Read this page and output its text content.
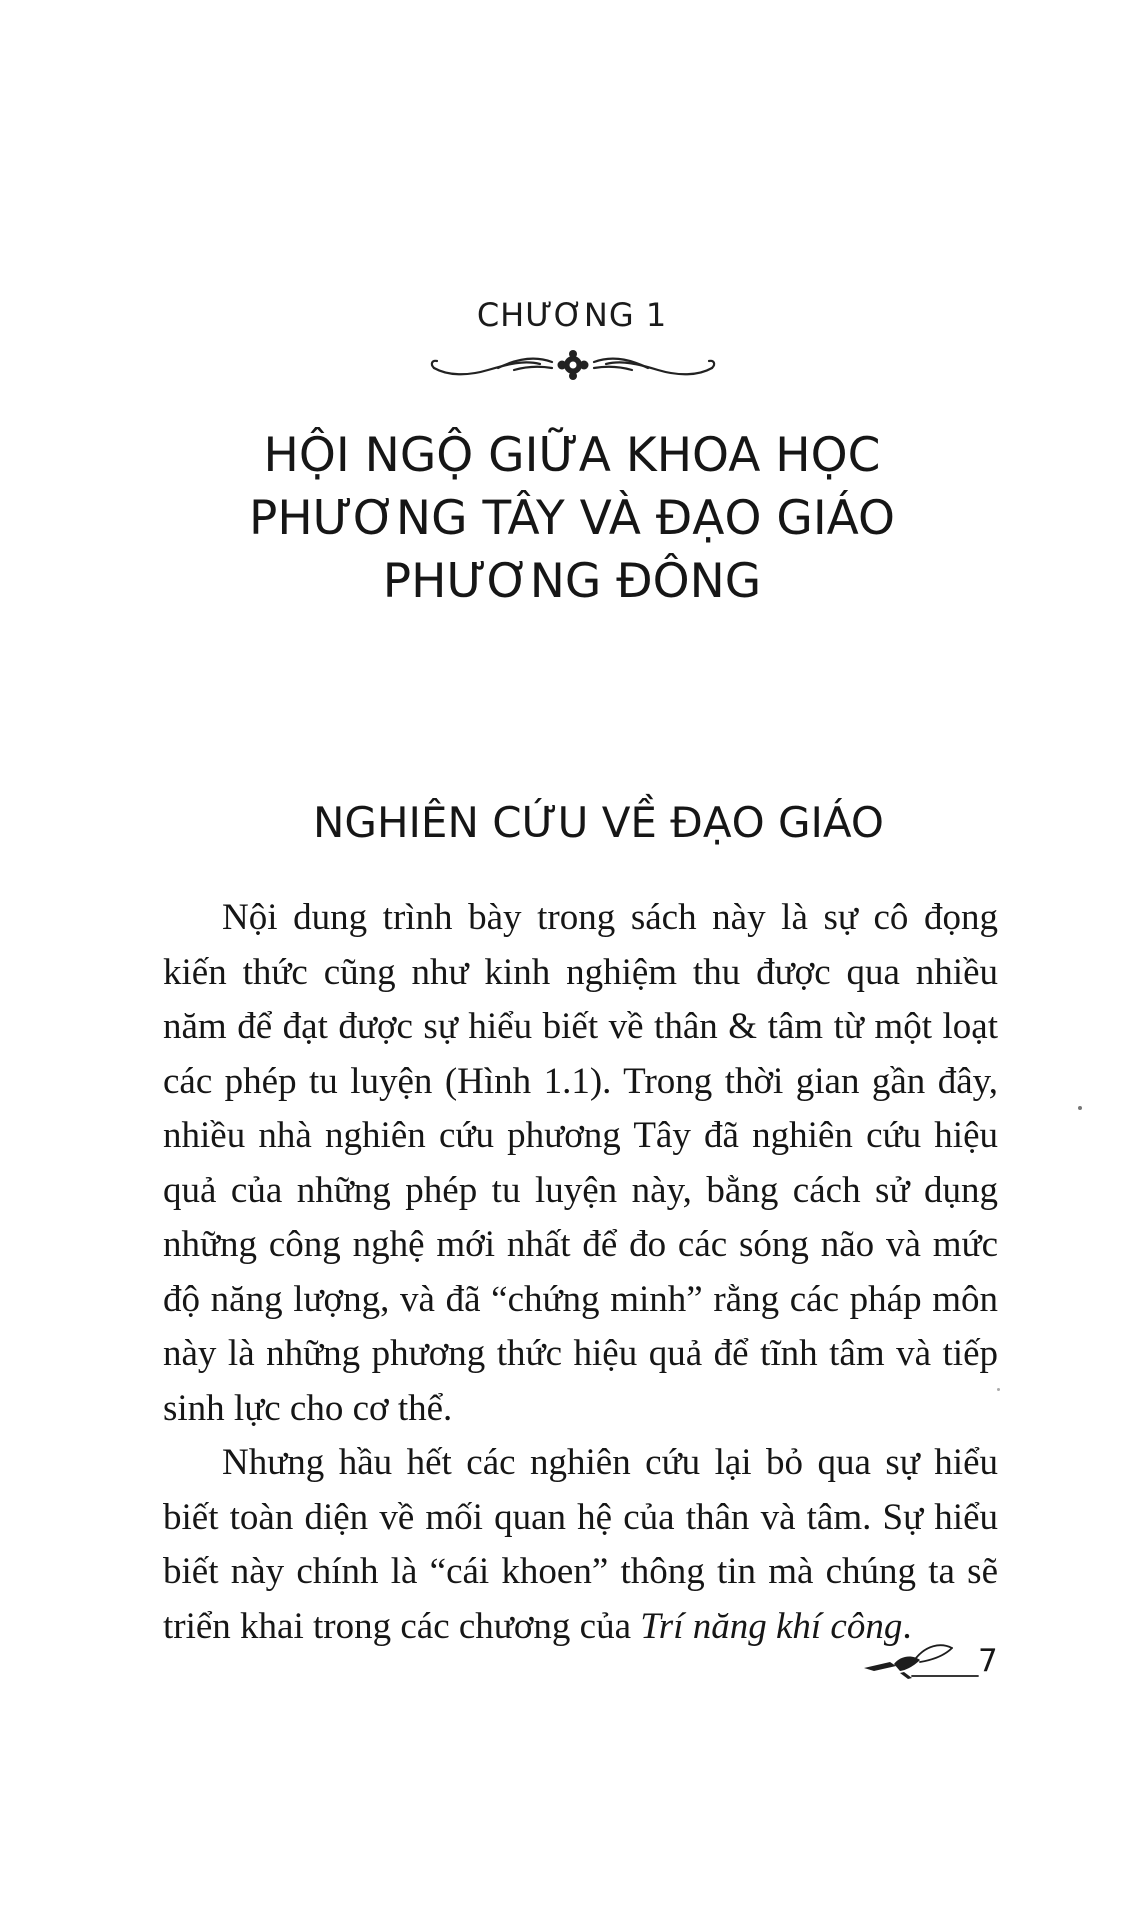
CHƯƠNG 1
HỘI NGỘ GIỮA KHOA HỌC
PHƯƠNG TÂY VÀ ĐẠO GIÁO
PHƯƠNG ĐÔNG
NGHIÊN CỨU VỀ ĐẠO GIÁO

Nội dung trình bày trong sách này là sự cô đọng kiến thức cũng như kinh nghiệm thu được qua nhiều năm để đạt được sự hiểu biết về thân & tâm từ một loạt các phép tu luyện (Hình 1.1). Trong thời gian gần đây, nhiều nhà nghiên cứu phương Tây đã nghiên cứu hiệu quả của những phép tu luyện này, bằng cách sử dụng những công nghệ mới nhất để đo các sóng não và mức độ năng lượng, và đã “chứng minh” rằng các pháp môn này là những phương thức hiệu quả để tĩnh tâm và tiếp sinh lực cho cơ thể.

Nhưng hầu hết các nghiên cứu lại bỏ qua sự hiểu biết toàn diện về mối quan hệ của thân và tâm. Sự hiểu biết này chính là “cái khoen” thông tin mà chúng ta sẽ triển khai trong các chương của Trí năng khí công.

7
